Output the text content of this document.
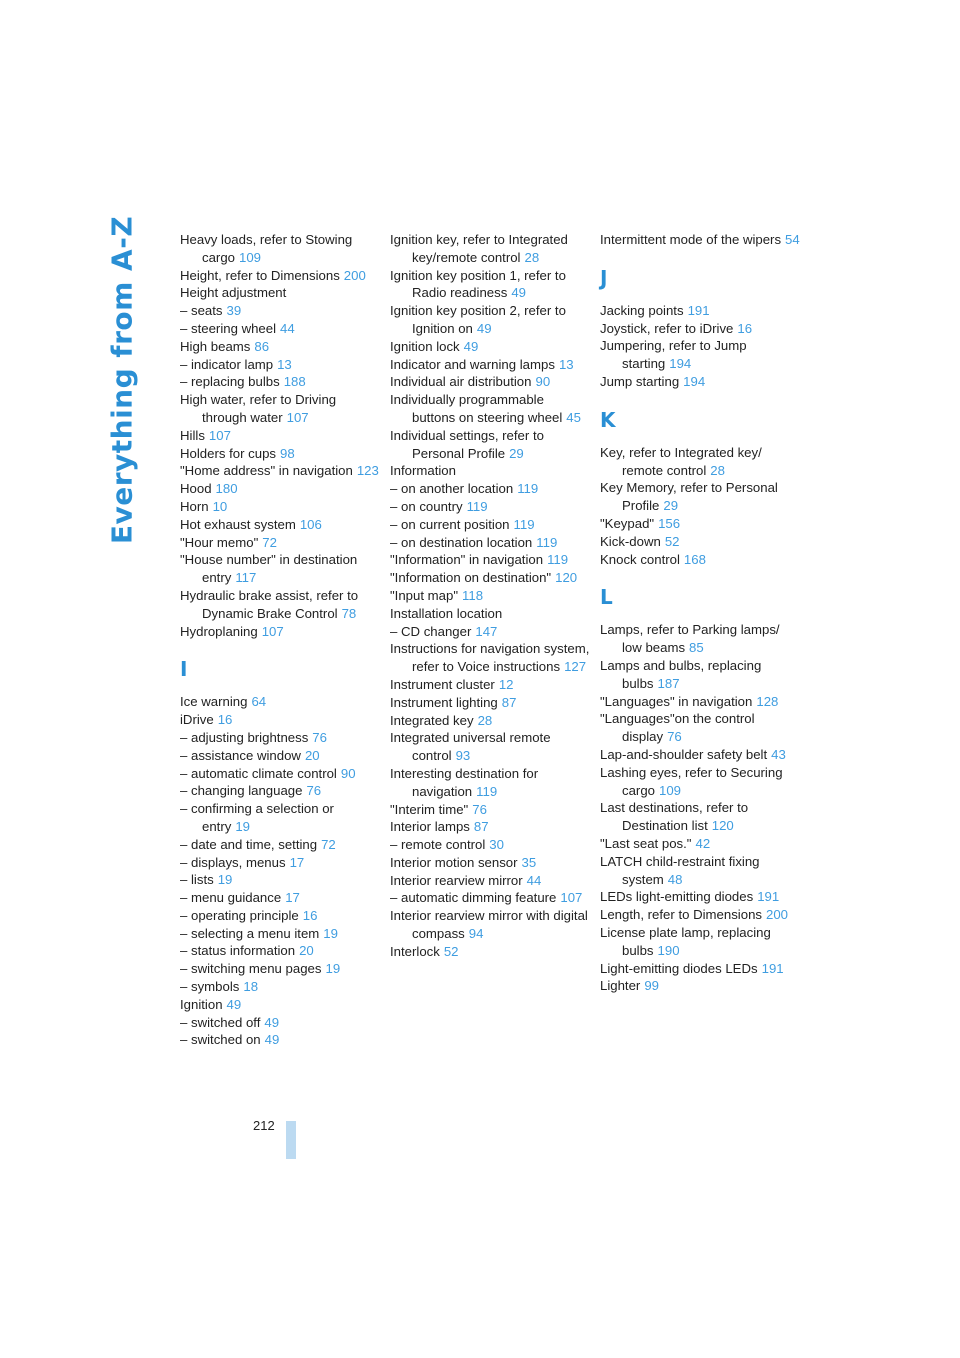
Everything from A-Z	Heavy loads, refer to Stowing cargo 109
Height, refer to Dimensions 200
Height adjustment
– seats 39
– steering wheel 44
High beams 86
– indicator lamp 13
– replacing bulbs 188
High water, refer to Driving through water 107
Hills 107
Holders for cups 98
"Home address" in navigation 123
Hood 180
Horn 10
Hot exhaust system 106
"Hour memo" 72
"House number" in destination entry 117
Hydraulic brake assist, refer to Dynamic Brake Control 78
Hydroplaning 107
I
Ice warning 64
iDrive 16
– adjusting brightness 76
– assistance window 20
– automatic climate control 90
– changing language 76
– confirming a selection or entry 19
– date and time, setting 72
– displays, menus 17
– lists 19
– menu guidance 17
– operating principle 16
– selecting a menu item 19
– status information 20
– switching menu pages 19
– symbols 18
Ignition 49
– switched off 49
– switched on 49
Ignition key, refer to Integrated key/remote control 28
Ignition key position 1, refer to Radio readiness 49
Ignition key position 2, refer to Ignition on 49
Ignition lock 49
Indicator and warning lamps 13
Individual air distribution 90
Individually programmable buttons on steering wheel 45
Individual settings, refer to Personal Profile 29
Information
– on another location 119
– on country 119
– on current position 119
– on destination location 119
"Information" in navigation 119
"Information on destination" 120
"Input map" 118
Installation location
– CD changer 147
Instructions for navigation system, refer to Voice instructions 127
Instrument cluster 12
Instrument lighting 87
Integrated key 28
Integrated universal remote control 93
Interesting destination for navigation 119
"Interim time" 76
Interior lamps 87
– remote control 30
Interior motion sensor 35
Interior rearview mirror 44
– automatic dimming feature 107
Interior rearview mirror with digital compass 94
Interlock 52
Intermittent mode of the wipers 54
J
Jacking points 191
Joystick, refer to iDrive 16
Jumpering, refer to Jump starting 194
Jump starting 194
K
Key, refer to Integrated key/ remote control 28
Key Memory, refer to Personal Profile 29
"Keypad" 156
Kick-down 52
Knock control 168
L
Lamps, refer to Parking lamps/ low beams 85
Lamps and bulbs, replacing bulbs 187
"Languages" in navigation 128
"Languages"on the control display 76
Lap-and-shoulder safety belt 43
Lashing eyes, refer to Securing cargo 109
Last destinations, refer to Destination list 120
"Last seat pos." 42
LATCH child-restraint fixing system 48
LEDs light-emitting diodes 191
Length, refer to Dimensions 200
License plate lamp, replacing bulbs 190
Light-emitting diodes LEDs 191
Lighter 99
212
